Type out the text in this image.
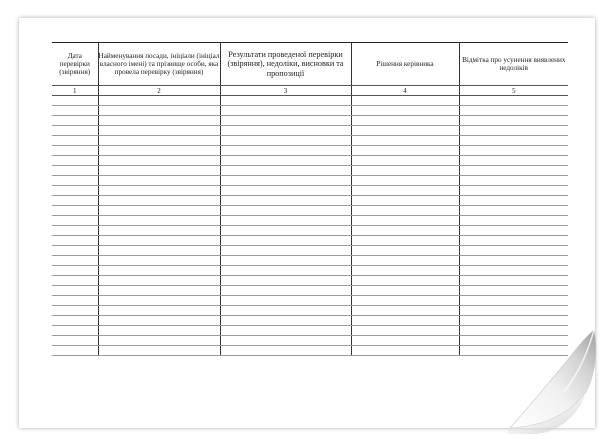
Дата перевірки (звіряння)	Найменування посади, ініціали (ініціал власного імені) та прізвище особи, яка провела перевірку (звіряння)	Результати проведеної перевірки (звіряння), недоліки, висновки та пропозиції	Рішення керівника	Відмітка про усунення виявлених недоліків
1	2	3	4	5
